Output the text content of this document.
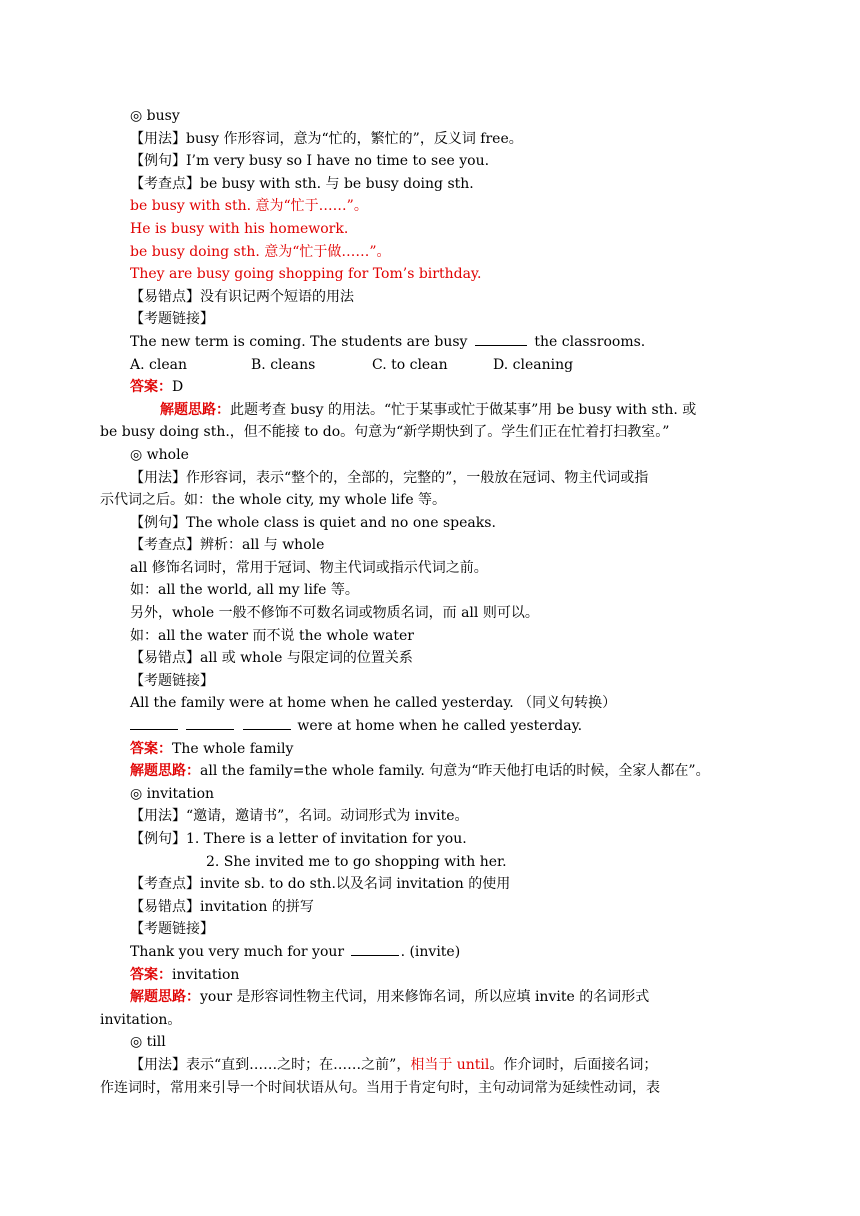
◎ busy
【用法】busy 作形容词，意为“忙的，繁忙的”，反义词 free。
【例句】I’m very busy so I have no time to see you.
【考查点】be busy with sth. 与 be busy doing sth.
be busy with sth. 意为“忙于……”。
He is busy with his homework.
be busy doing sth. 意为“忙于做……”。
They are busy going shopping for Tom’s birthday.
【易错点】没有识记两个短语的用法
【考题链接】
The new term is coming. The students are busy	the classrooms.
A. clean	B. cleans	C. to clean	D. cleaning
答案：D
解题思路：此题考查 busy 的用法。“忙于某事或忙于做某事”用 be busy with sth. 或
be busy doing sth.，但不能接 to do。句意为“新学期快到了。学生们正在忙着打扫教室。”
◎ whole
【用法】作形容词，表示“整个的，全部的，完整的”，一般放在冠词、物主代词或指
示代词之后。如：the whole city, my whole life 等。
【例句】The whole class is quiet and no one speaks.
【考查点】辨析：all 与 whole
all 修饰名词时，常用于冠词、物主代词或指示代词之前。
如：all the world, all my life 等。
另外，whole 一般不修饰不可数名词或物质名词，而 all 则可以。
如：all the water 而不说 the whole water
【易错点】all 或 whole 与限定词的位置关系
【考题链接】
All the family were at home when he called yesterday. （同义句转换）
were at home when he called yesterday.
答案：The whole family
解题思路：all the family=the whole family. 句意为“昨天他打电话的时候，全家人都在”。
◎ invitation
【用法】“邀请，邀请书”，名词。动词形式为 invite。
【例句】1. There is a letter of invitation for you.
2. She invited me to go shopping with her.
【考查点】invite sb. to do sth.以及名词 invitation 的使用
【易错点】invitation 的拼写
【考题链接】
Thank you very much for your	. (invite)
答案：invitation
解题思路：your 是形容词性物主代词，用来修饰名词，所以应填 invite 的名词形式
invitation。
◎ till
【用法】表示“直到……之时；在……之前”，相当于 until。作介词时，后面接名词；
作连词时，常用来引导一个时间状语从句。当用于肯定句时，主句动词常为延续性动词，表
